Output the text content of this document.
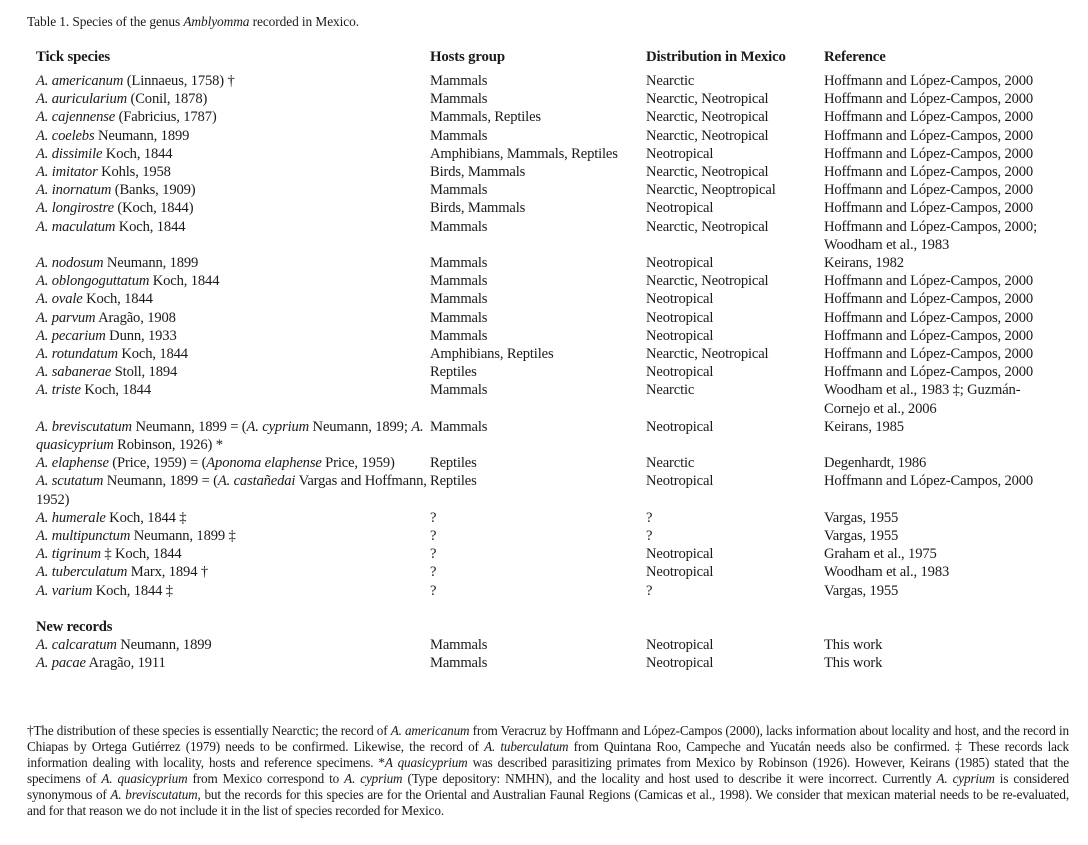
Table 1. Species of the genus Amblyomma recorded in Mexico.
Tick species	Hosts group	Distribution in Mexico	Reference
A. americanum (Linnaeus, 1758) †	Mammals	Nearctic	Hoffmann and López-Campos, 2000
A. auricularium (Conil, 1878)	Mammals	Nearctic, Neotropical	Hoffmann and López-Campos, 2000
A. cajennense (Fabricius, 1787)	Mammals, Reptiles	Nearctic, Neotropical	Hoffmann and López-Campos, 2000
A. coelebs Neumann, 1899	Mammals	Nearctic, Neotropical	Hoffmann and López-Campos, 2000
A. dissimile Koch, 1844	Amphibians, Mammals, Reptiles	Neotropical	Hoffmann and López-Campos, 2000
A. imitator Kohls, 1958	Birds, Mammals	Nearctic, Neotropical	Hoffmann and López-Campos, 2000
A. inornatum (Banks, 1909)	Mammals	Nearctic, Neoptropical	Hoffmann and López-Campos, 2000
A. longirostre (Koch, 1844)	Birds, Mammals	Neotropical	Hoffmann and López-Campos, 2000
A. maculatum Koch, 1844	Mammals	Nearctic, Neotropical	Hoffmann and López-Campos, 2000; Woodham et al., 1983
A. nodosum Neumann, 1899	Mammals	Neotropical	Keirans, 1982
A. oblongoguttatum Koch, 1844	Mammals	Nearctic, Neotropical	Hoffmann and López-Campos, 2000
A. ovale Koch, 1844	Mammals	Neotropical	Hoffmann and López-Campos, 2000
A. parvum Aragão, 1908	Mammals	Neotropical	Hoffmann and López-Campos, 2000
A. pecarium Dunn, 1933	Mammals	Neotropical	Hoffmann and López-Campos, 2000
A. rotundatum Koch, 1844	Amphibians, Reptiles	Nearctic, Neotropical	Hoffmann and López-Campos, 2000
A. sabanerae Stoll, 1894	Reptiles	Neotropical	Hoffmann and López-Campos, 2000
A. triste Koch, 1844	Mammals	Nearctic	Woodham et al., 1983 ‡; Guzmán-Cornejo et al., 2006
A. breviscutatum Neumann, 1899 = (A. cyprium Neumann, 1899; A. quasicyprium Robinson, 1926) *	Mammals	Neotropical	Keirans, 1985
A. elaphense (Price, 1959) = (Aponoma elaphense Price, 1959)	Reptiles	Nearctic	Degenhardt, 1986
A. scutatum Neumann, 1899 = (A. castañedai Vargas and Hoffmann, 1952)	Reptiles	Neotropical	Hoffmann and López-Campos, 2000
A. humerale Koch, 1844 ‡	?	?	Vargas, 1955
A. multipunctum Neumann, 1899 ‡	?	?	Vargas, 1955
A. tigrinum ‡ Koch, 1844	?	Neotropical	Graham et al., 1975
A. tuberculatum Marx, 1894 †	?	Neotropical	Woodham et al., 1983
A. varium Koch, 1844 ‡	?	?	Vargas, 1955

New records			
A. calcaratum Neumann, 1899	Mammals	Neotropical	This work
A. pacae Aragão, 1911	Mammals	Neotropical	This work
†The distribution of these species is essentially Nearctic; the record of A. americanum from Veracruz by Hoffmann and López-Campos (2000), lacks information about locality and host, and the record in Chiapas by Ortega Gutiérrez (1979) needs to be confirmed. Likewise, the record of A. tuberculatum from Quintana Roo, Campeche and Yucatán needs also be confirmed. ‡ These records lack information dealing with locality, hosts and reference specimens. *A quasicyprium was described parasitizing primates from Mexico by Robinson (1926). However, Keirans (1985) stated that the specimens of A. quasicyprium from Mexico correspond to A. cyprium (Type depository: NMHN), and the locality and host used to describe it were incorrect. Currently A. cyprium is considered synonymous of A. breviscutatum, but the records for this species are for the Oriental and Australian Faunal Regions (Camicas et al., 1998). We consider that mexican material needs to be re-evaluated, and for that reason we do not include it in the list of species recorded for Mexico.
